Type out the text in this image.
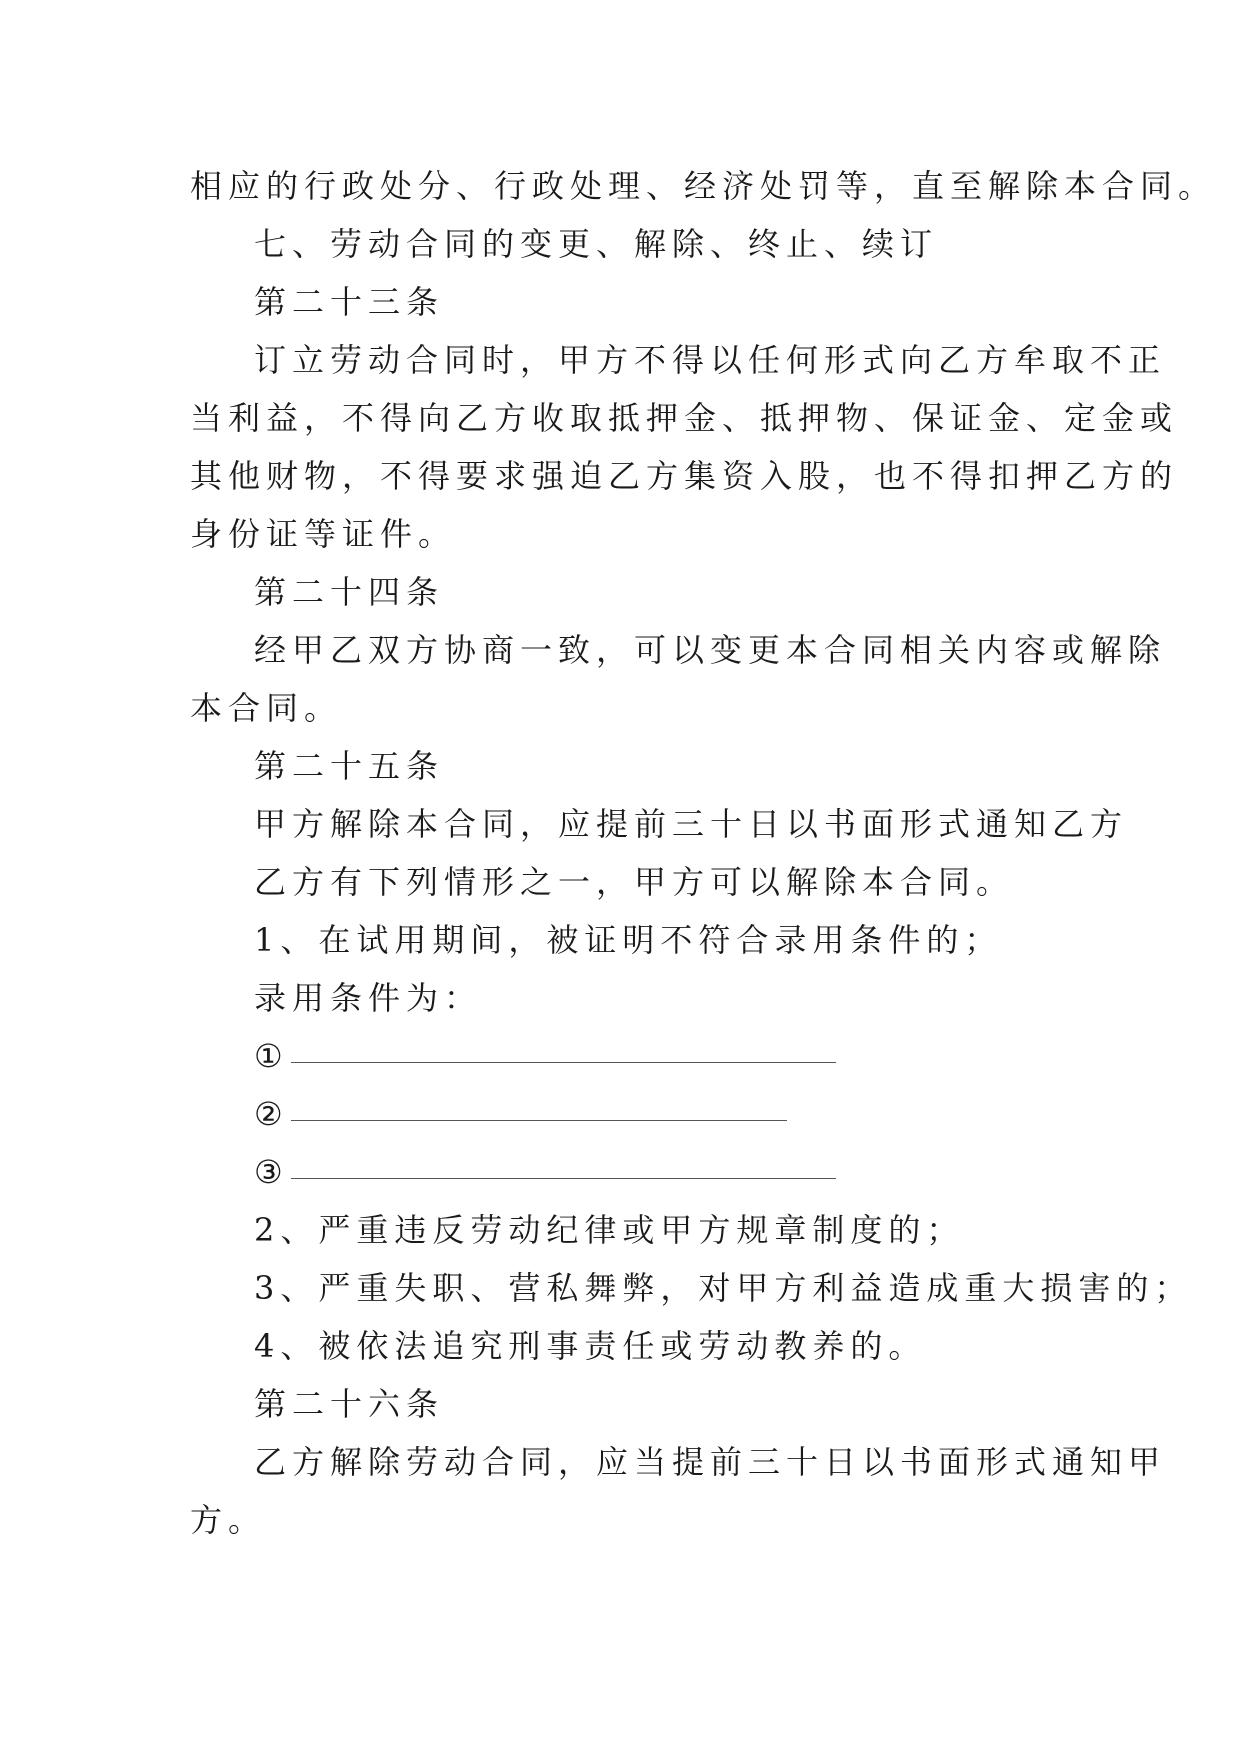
相应的行政处分、行政处理、经济处罚等，直至解除本合同。
七、劳动合同的变更、解除、终止、续订
第二十三条
订立劳动合同时，甲方不得以任何形式向乙方牟取不正
当利益，不得向乙方收取抵押金、抵押物、保证金、定金或
其他财物，不得要求强迫乙方集资入股，也不得扣押乙方的
身份证等证件。
第二十四条
经甲乙双方协商一致，可以变更本合同相关内容或解除
本合同。
第二十五条
甲方解除本合同，应提前三十日以书面形式通知乙方
乙方有下列情形之一，甲方可以解除本合同。
1、在试用期间，被证明不符合录用条件的；
录用条件为：
①
②
③
2、严重违反劳动纪律或甲方规章制度的；
3、严重失职、营私舞弊，对甲方利益造成重大损害的；
4、被依法追究刑事责任或劳动教养的。
第二十六条
乙方解除劳动合同，应当提前三十日以书面形式通知甲
方。
